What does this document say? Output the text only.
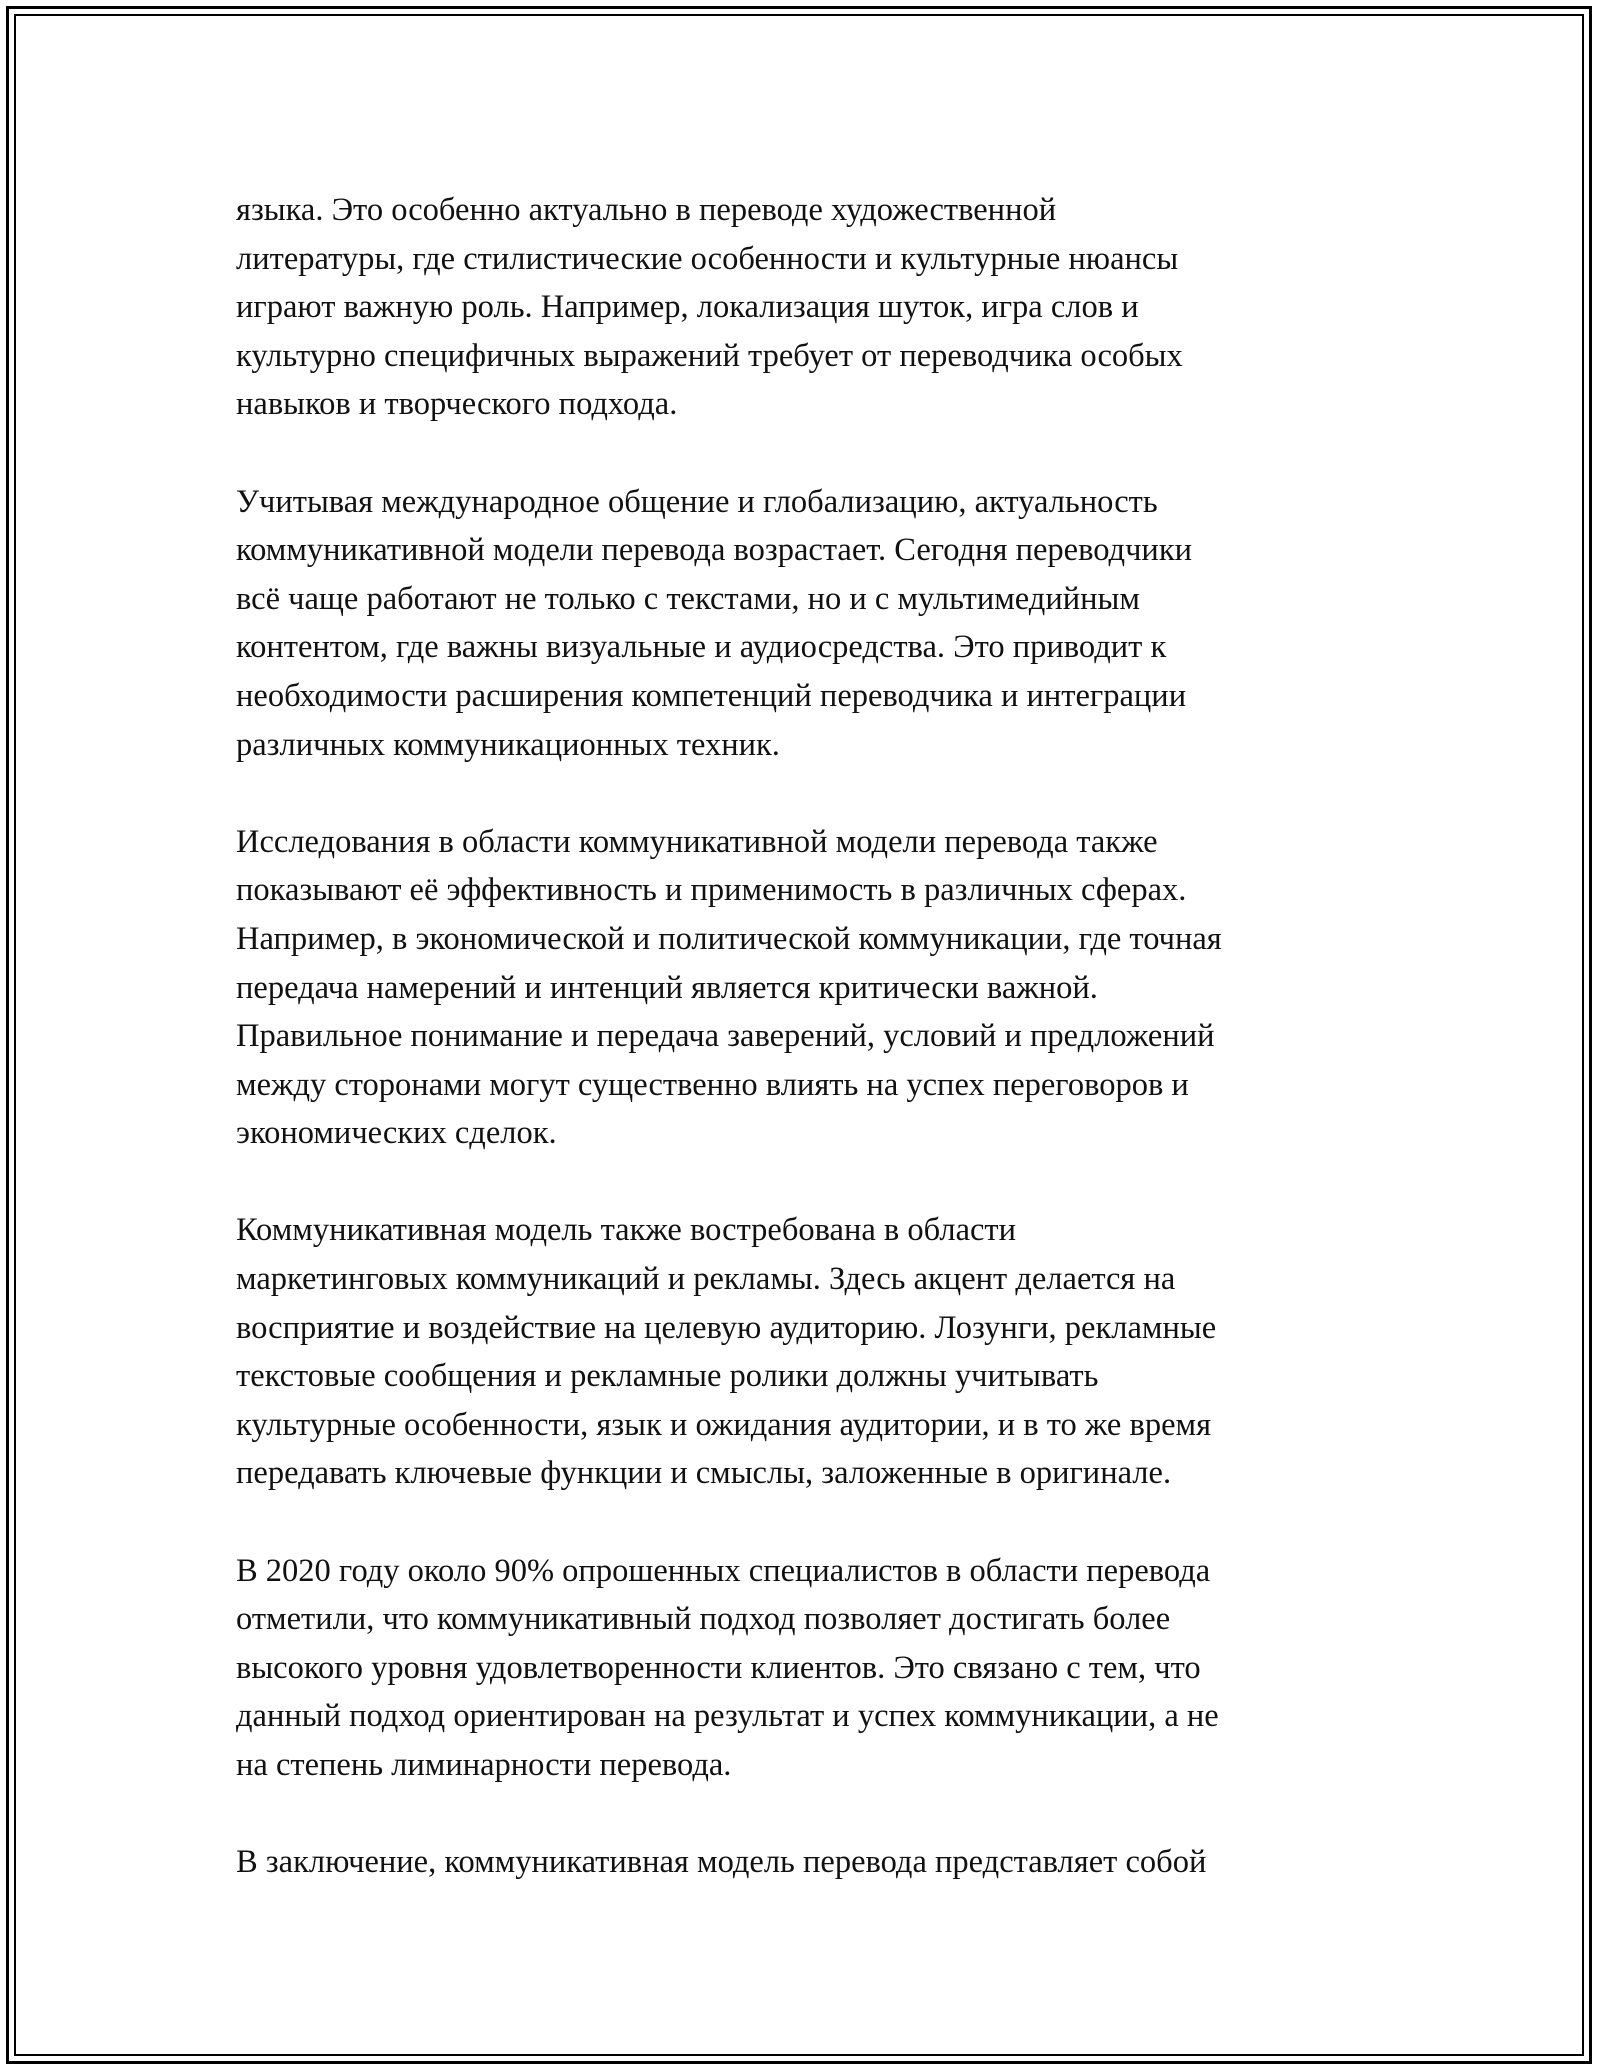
языка. Это особенно актуально в переводе художественной
литературы, где стилистические особенности и культурные нюансы
играют важную роль. Например, локализация шуток, игра слов и
культурно специфичных выражений требует от переводчика особых
навыков и творческого подхода.
Учитывая международное общение и глобализацию, актуальность
коммуникативной модели перевода возрастает. Сегодня переводчики
всё чаще работают не только с текстами, но и с мультимедийным
контентом, где важны визуальные и аудиосредства. Это приводит к
необходимости расширения компетенций переводчика и интеграции
различных коммуникационных техник.
Исследования в области коммуникативной модели перевода также
показывают её эффективность и применимость в различных сферах.
Например, в экономической и политической коммуникации, где точная
передача намерений и интенций является критически важной.
Правильное понимание и передача заверений, условий и предложений
между сторонами могут существенно влиять на успех переговоров и
экономических сделок.
Коммуникативная модель также востребована в области
маркетинговых коммуникаций и рекламы. Здесь акцент делается на
восприятие и воздействие на целевую аудиторию. Лозунги, рекламные
текстовые сообщения и рекламные ролики должны учитывать
культурные особенности, язык и ожидания аудитории, и в то же время
передавать ключевые функции и смыслы, заложенные в оригинале.
В 2020 году около 90% опрошенных специалистов в области перевода
отметили, что коммуникативный подход позволяет достигать более
высокого уровня удовлетворенности клиентов. Это связано с тем, что
данный подход ориентирован на результат и успех коммуникации, а не
на степень лиминарности перевода.
В заключение, коммуникативная модель перевода представляет собой
